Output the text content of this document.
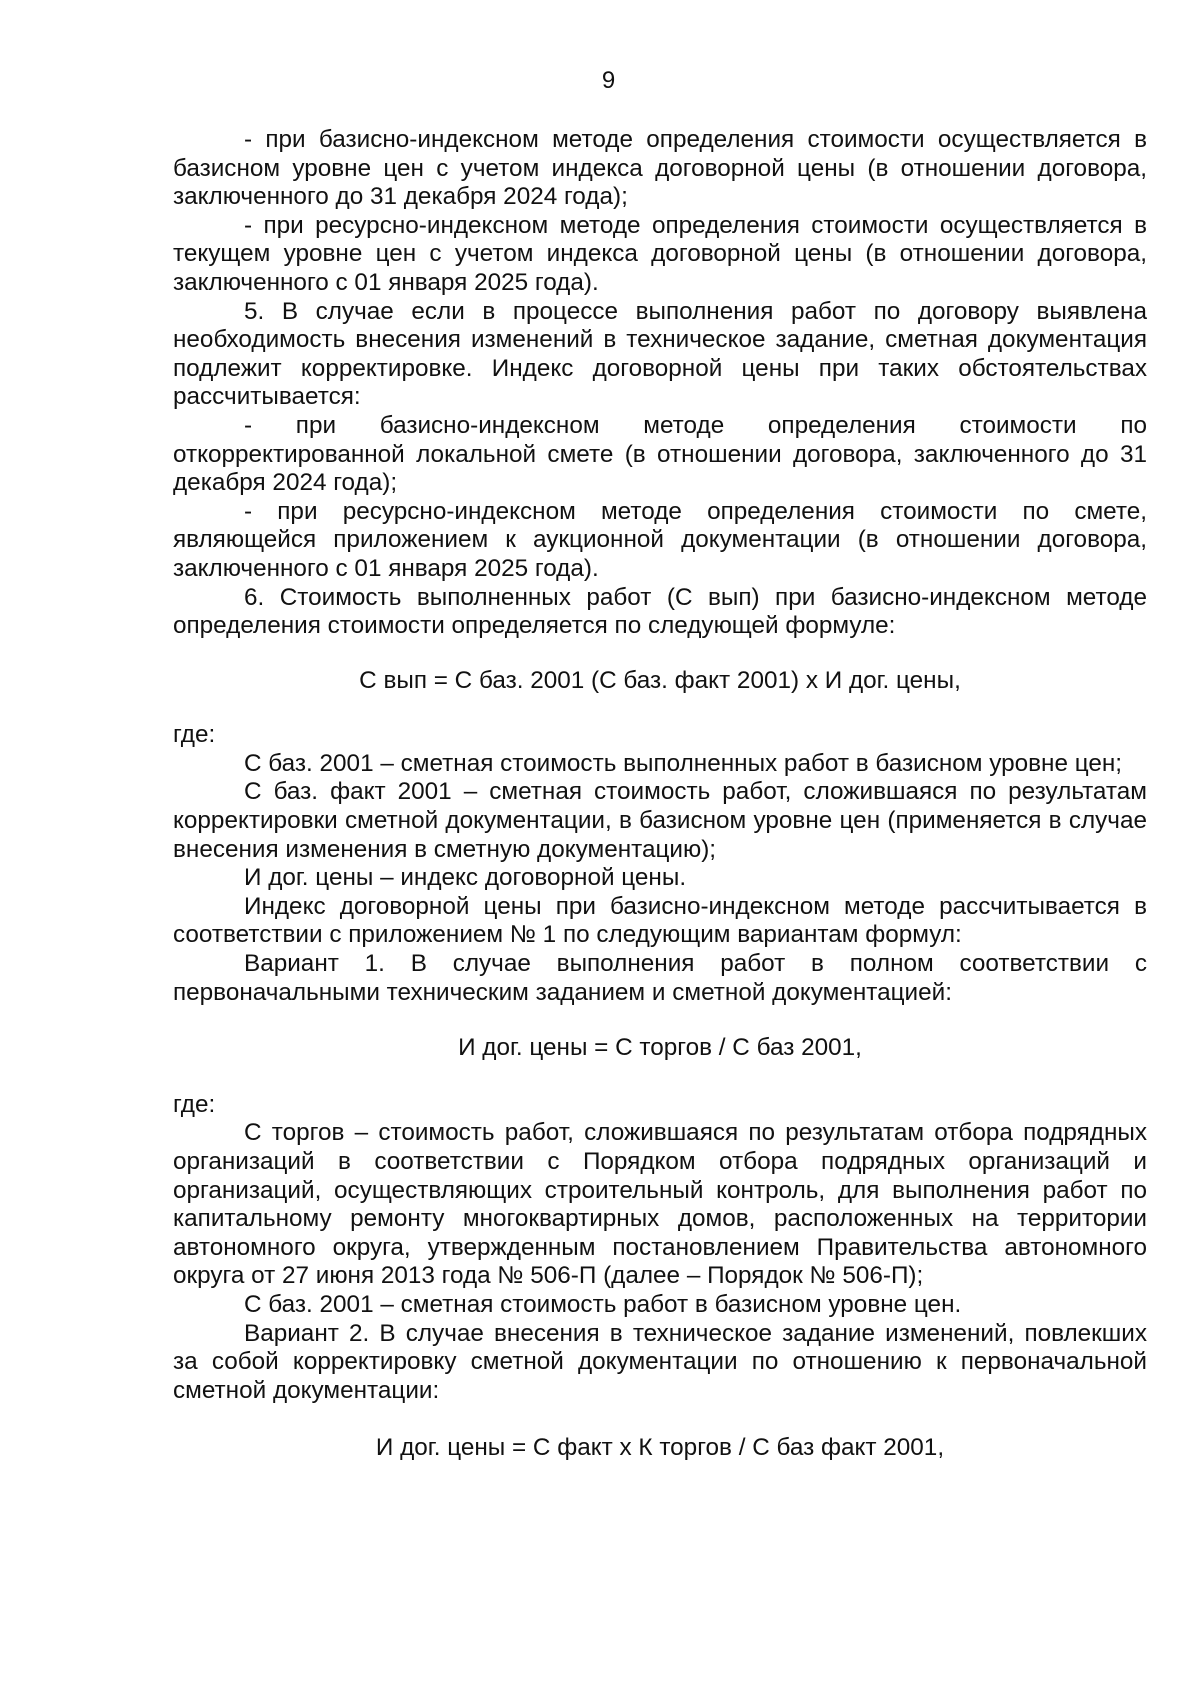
9

- при базисно-индексном методе определения стоимости осуществляется в базисном уровне цен с учетом индекса договорной цены (в отношении договора, заключенного до 31 декабря 2024 года);

- при ресурсно-индексном методе определения стоимости осуществляется в текущем уровне цен с учетом индекса договорной цены (в отношении договора, заключенного с 01 января 2025 года).

5. В случае если в процессе выполнения работ по договору выявлена необходимость внесения изменений в техническое задание, сметная документация подлежит корректировке. Индекс договорной цены при таких обстоятельствах рассчитывается:

- при базисно-индексном методе определения стоимости по откорректированной локальной смете (в отношении договора, заключенного до 31 декабря 2024 года);

- при ресурсно-индексном методе определения стоимости по смете, являющейся приложением к аукционной документации (в отношении договора, заключенного с 01 января 2025 года).

6. Стоимость выполненных работ (С вып) при базисно-индексном методе определения стоимости определяется по следующей формуле:

С вып = С баз. 2001 (С баз. факт 2001) х И дог. цены,

где:

С баз. 2001 – сметная стоимость выполненных работ в базисном уровне цен;

С баз. факт 2001 – сметная стоимость работ, сложившаяся по результатам корректировки сметной документации, в базисном уровне цен (применяется в случае внесения изменения в сметную документацию);

И дог. цены – индекс договорной цены.

Индекс договорной цены при базисно-индексном методе рассчитывается в соответствии с приложением № 1 по следующим вариантам формул:

Вариант 1. В случае выполнения работ в полном соответствии с первоначальными техническим заданием и сметной документацией:

И дог. цены = С торгов / С баз 2001,

где:

С торгов – стоимость работ, сложившаяся по результатам отбора подрядных организаций в соответствии с Порядком отбора подрядных организаций и организаций, осуществляющих строительный контроль, для выполнения работ по капитальному ремонту многоквартирных домов, расположенных на территории автономного округа, утвержденным постановлением Правительства автономного округа от 27 июня 2013 года № 506-П (далее – Порядок № 506-П);

С баз. 2001 – сметная стоимость работ в базисном уровне цен.

Вариант 2. В случае внесения в техническое задание изменений, повлекших за собой корректировку сметной документации по отношению к первоначальной сметной документации:

И дог. цены = С факт х К торгов / С баз факт 2001,
